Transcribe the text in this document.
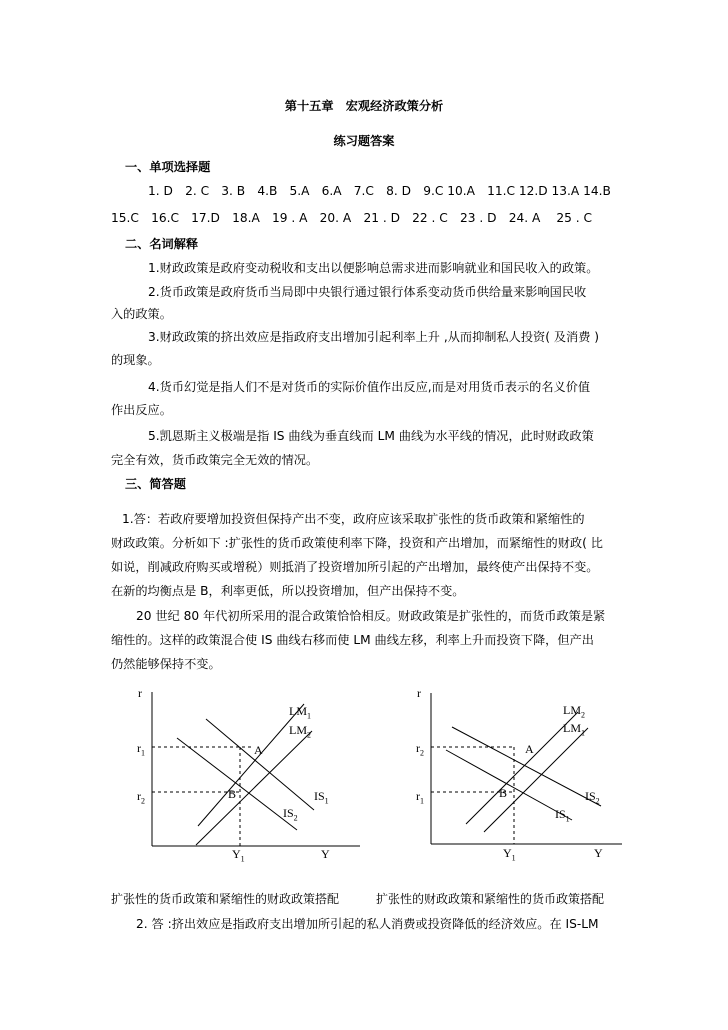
第十五章　宏观经济政策分析
练习题答案
一、单项选择题
1. D　2. C　3. B　4.B　5.A　6.A　7.C　8. D　9.C 10.A　11.C 12.D 13.A 14.B
15.C　16.C　17.D　18.A　19 . A　20. A　21 . D　22 . C　23 . D　24. A　 25 . C
二、名词解释
1.财政政策是政府变动税收和支出以便影响总需求进而影响就业和国民收入的政策。
2.货币政策是政府货币当局即中央银行通过银行体系变动货币供给量来影响国民收
入的政策。
3.财政政策的挤出效应是指政府支出增加引起利率上升 ,从而抑制私人投资( 及消费 )
的现象。
4.货币幻觉是指人们不是对货币的实际价值作出反应,而是对用货币表示的名义价值
作出反应。
5.凯恩斯主义极端是指 IS 曲线为垂直线而 LM 曲线为水平线的情况，此时财政政策
完全有效，货币政策完全无效的情况。
三、简答题
1.答：若政府要增加投资但保持产出不变，政府应该采取扩张性的货币政策和紧缩性的
财政政策。分析如下 :扩张性的货币政策使利率下降，投资和产出增加，而紧缩性的财政( 比
如说，削减政府购买或增税）则抵消了投资增加所引起的产出增加，最终使产出保持不变。
在新的均衡点是 B，利率更低，所以投资增加，但产出保持不变。
20 世纪 80 年代初所采用的混合政策恰恰相反。财政政策是扩张性的，而货币政策是紧
缩性的。这样的政策混合使 IS 曲线右移而使 LM 曲线左移，利率上升而投资下降，但产出
仍然能够保持不变。
r
$LM_1$
$LM_2$
$r_1$	A
$r_2$	B	$IS_1$
$IS_2$
$Y_1$	Y
r
$LM_2$
$LM_1$
$r_2$	A
$r_1$
B	$IS_2$
$IS_1$
$Y_1$	Y
扩张性的货币政策和紧缩性的财政政策搭配	扩张性的财政政策和紧缩性的货币政策搭配
2. 答 :挤出效应是指政府支出增加所引起的私人消费或投资降低的经济效应。在 IS-LM
